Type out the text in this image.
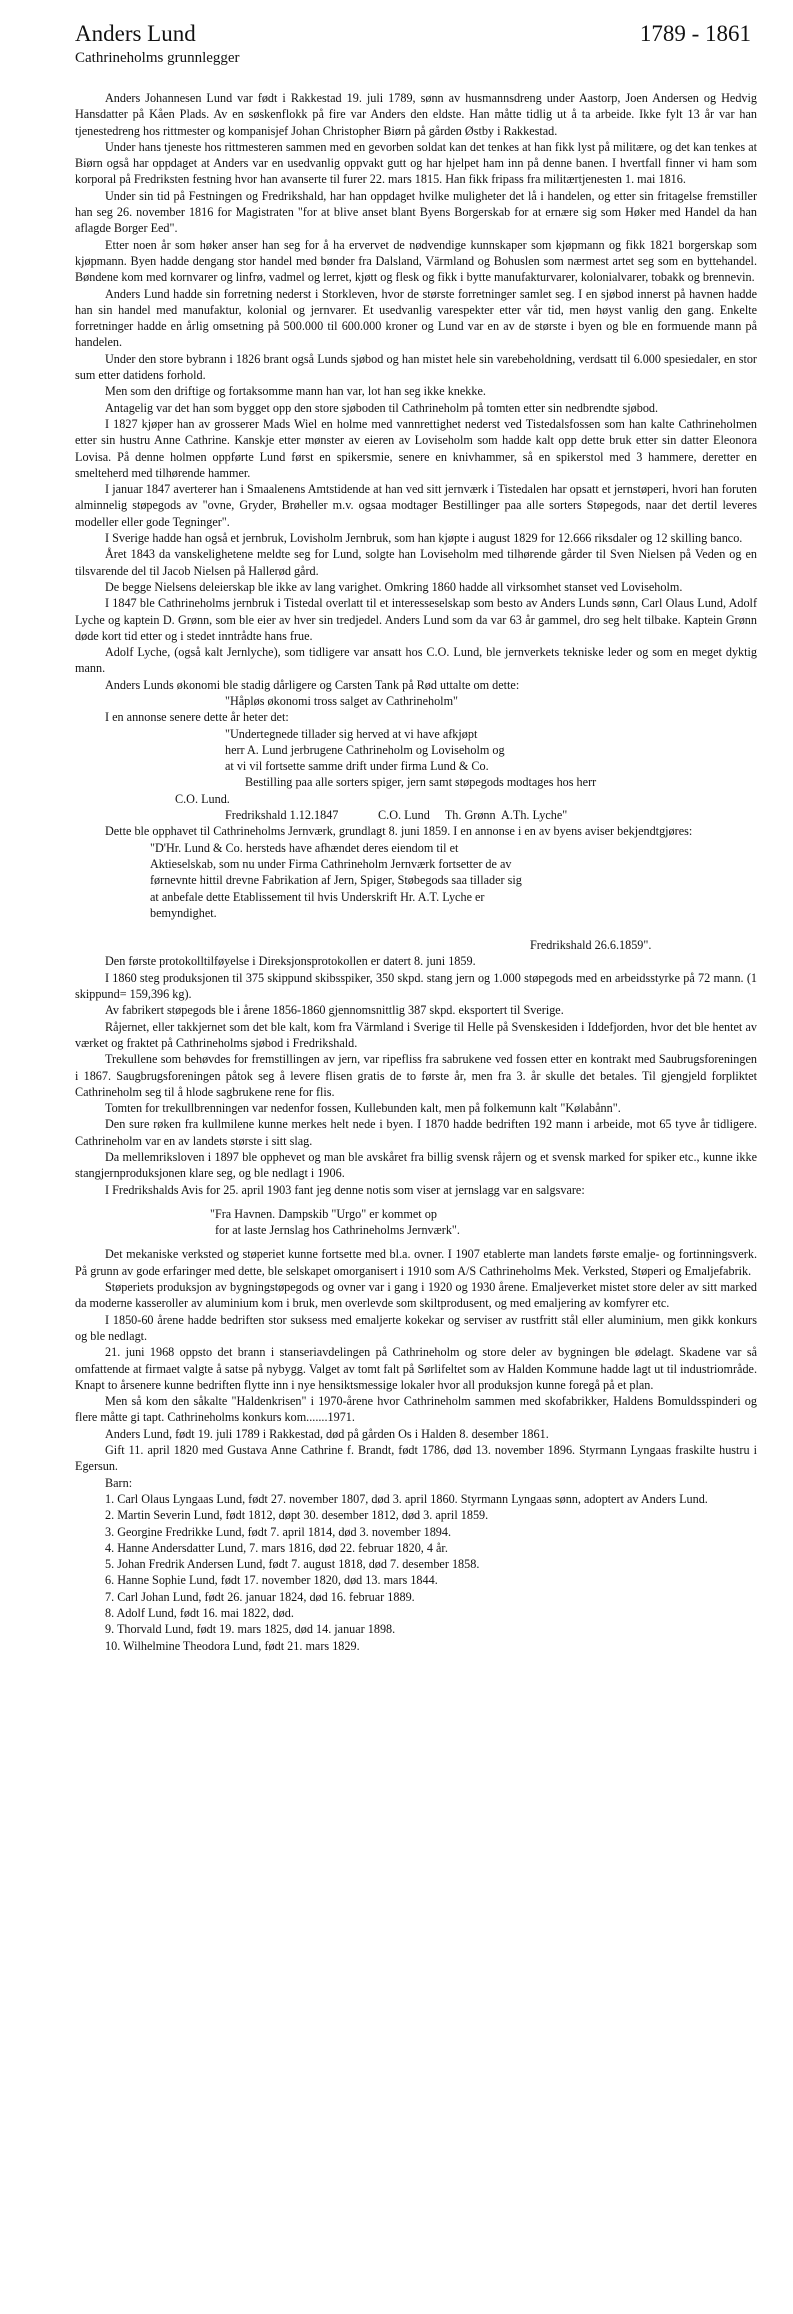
Anders Lund	1789 - 1861
Cathrineholms grunnlegger

Anders Johannesen Lund var født i Rakkestad 19. juli 1789, sønn av husmannsdreng under Aastorp, Joen Andersen og Hedvig Hansdatter på Kåen Plads. Av en søskenflokk på fire var Anders den eldste. Han måtte tidlig ut å ta arbeide. Ikke fylt 13 år var han tjenestedreng hos rittmester og kompanisjef Johan Christopher Biørn på gården Østby i Rakkestad.

Under hans tjeneste hos rittmesteren sammen med en gevorben soldat kan det tenkes at han fikk lyst på militære, og det kan tenkes at Biørn også har oppdaget at Anders var en usedvanlig oppvakt gutt og har hjelpet ham inn på denne banen. I hvertfall finner vi ham som korporal på Fredriksten festning hvor han avanserte til furer 22. mars 1815. Han fikk fripass fra militærtjenesten 1. mai 1816.

Under sin tid på Festningen og Fredrikshald, har han oppdaget hvilke muligheter det lå i handelen, og etter sin fritagelse fremstiller han seg 26. november 1816 for Magistraten "for at blive anset blant Byens Borgerskab for at ernære sig som Høker med Handel da han aflagde Borger Eed".

Etter noen år som høker anser han seg for å ha ervervet de nødvendige kunnskaper som kjøpmann og fikk 1821 borgerskap som kjøpmann. Byen hadde dengang stor handel med bønder fra Dalsland, Värmland og Bohuslen som nærmest artet seg som en byttehandel. Bøndene kom med kornvarer og linfrø, vadmel og lerret, kjøtt og flesk og fikk i bytte manufakturvarer, kolonialvarer, tobakk og brennevin.

Anders Lund hadde sin forretning nederst i Storkleven, hvor de største forretninger samlet seg. I en sjøbod innerst på havnen hadde han sin handel med manufaktur, kolonial og jernvarer. Et usedvanlig varespekter etter vår tid, men høyst vanlig den gang. Enkelte forretninger hadde en årlig omsetning på 500.000 til 600.000 kroner og Lund var en av de største i byen og ble en formuende mann på handelen.

Under den store bybrann i 1826 brant også Lunds sjøbod og han mistet hele sin varebeholdning, verdsatt til 6.000 spesiedaler, en stor sum etter datidens forhold.

Men som den driftige og fortaksomme mann han var, lot han seg ikke knekke.

Antagelig var det han som bygget opp den store sjøboden til Cathrineholm på tomten etter sin nedbrendte sjøbod.

I 1827 kjøper han av grosserer Mads Wiel en holme med vannrettighet nederst ved Tistedalsfossen som han kalte Cathrineholmen etter sin hustru Anne Cathrine. Kanskje etter mønster av eieren av Loviseholm som hadde kalt opp dette bruk etter sin datter Eleonora Lovisa. På denne holmen oppførte Lund først en spikersmie, senere en knivhammer, så en spikerstol med 3 hammere, deretter en smelteherd med tilhørende hammer.

I januar 1847 averterer han i Smaalenens Amtstidende at han ved sitt jernværk i Tistedalen har opsatt et jernstøperi, hvori han foruten alminnelig støpegods av "ovne, Gryder, Brøheller m.v. ogsaa modtager Bestillinger paa alle sorters Støpegods, naar det dertil leveres modeller eller gode Tegninger".

I Sverige hadde han også et jernbruk, Lovisholm Jernbruk, som han kjøpte i august 1829 for 12.666 riksdaler og 12 skilling banco.

Året 1843 da vanskelighetene meldte seg for Lund, solgte han Loviseholm med tilhørende gårder til Sven Nielsen på Veden og en tilsvarende del til Jacob Nielsen på Hallerød gård.

De begge Nielsens deleierskap ble ikke av lang varighet. Omkring 1860 hadde all virksomhet stanset ved Loviseholm.

I 1847 ble Cathrineholms jernbruk i Tistedal overlatt til et interesseselskap som besto av Anders Lunds sønn, Carl Olaus Lund, Adolf Lyche og kaptein D. Grønn, som ble eier av hver sin tredjedel. Anders Lund som da var 63 år gammel, dro seg helt tilbake. Kaptein Grønn døde kort tid etter og i stedet inntrådte hans frue.

Adolf Lyche, (også kalt Jernlyche), som tidligere var ansatt hos C.O. Lund, ble jernverkets tekniske leder og som en meget dyktig mann.

Anders Lunds økonomi ble stadig dårligere og Carsten Tank på Rød uttalte om dette:

"Håpløs økonomi tross salget av Cathrineholm"

I en annonse senere dette år heter det:

"Undertegnede tillader sig herved at vi have afkjøpt

herr A. Lund jerbrugene Cathrineholm og Loviseholm og

at vi vil fortsette samme drift under firma Lund & Co.

Bestilling paa alle sorters spiger, jern samt støpegods modtages hos herr

C.O. Lund.

Fredrikshald 1.12.1847	C.O. Lund Th. Grønn A.Th. Lyche"

Dette ble opphavet til Cathrineholms Jernværk, grundlagt 8. juni 1859. I en annonse i en av byens aviser bekjendtgjøres:

"D'Hr. Lund & Co. hersteds have afhændet deres eiendom til et

Aktieselskab, som nu under Firma Cathrineholm Jernværk fortsetter de av

førnevnte hittil drevne Fabrikation af Jern, Spiger, Støbegods saa tillader sig

at anbefale dette Etablissement til hvis Underskrift Hr. A.T. Lyche er

bemyndighet.

Fredrikshald 26.6.1859".

Den første protokolltilføyelse i Direksjonsprotokollen er datert 8. juni 1859.

I 1860 steg produksjonen til 375 skippund skibsspiker, 350 skpd. stang jern og 1.000 støpegods med en arbeidsstyrke på 72 mann. (1 skippund= 159,396 kg).

Av fabrikert støpegods ble i årene 1856-1860 gjennomsnittlig 387 skpd. eksportert til Sverige.

Råjernet, eller takkjernet som det ble kalt, kom fra Värmland i Sverige til Helle på Svenskesiden i Iddefjorden, hvor det ble hentet av værket og fraktet på Cathrineholms sjøbod i Fredrikshald.

Trekullene som behøvdes for fremstillingen av jern, var ripefliss fra sabrukene ved fossen etter en kontrakt med Saubrugsforeningen i 1867. Saugbrugsforeningen påtok seg å levere flisen gratis de to første år, men fra 3. år skulle det betales. Til gjengjeld forpliktet Cathrineholm seg til å hlode sagbrukene rene for flis.

Tomten for trekullbrenningen var nedenfor fossen, Kullebunden kalt, men på folkemunn kalt "Kølabånn".

Den sure røken fra kullmilene kunne merkes helt nede i byen. I 1870 hadde bedriften 192 mann i arbeide, mot 65 tyve år tidligere. Cathrineholm var en av landets største i sitt slag.

Da mellemriksloven i 1897 ble opphevet og man ble avskåret fra billig svensk råjern og et svensk marked for spiker etc., kunne ikke stangjernproduksjonen klare seg, og ble nedlagt i 1906.

I Fredrikshalds Avis for 25. april 1903 fant jeg denne notis som viser at jernslagg var en salgsvare:

"Fra Havnen. Dampskib "Urgo" er kommet op

for at laste Jernslag hos Cathrineholms Jernværk".

Det mekaniske verksted og støperiet kunne fortsette med bl.a. ovner. I 1907 etablerte man landets første emalje- og fortinningsverk. På grunn av gode erfaringer med dette, ble selskapet omorganisert i 1910 som A/S Cathrineholms Mek. Verksted, Støperi og Emaljefabrik.

Støperiets produksjon av bygningstøpegods og ovner var i gang i 1920 og 1930 årene. Emaljeverket mistet store deler av sitt marked da moderne kasseroller av aluminium kom i bruk, men overlevde som skiltprodusent, og med emaljering av komfyrer etc.

I 1850-60 årene hadde bedriften stor suksess med emaljerte kokekar og serviser av rustfritt stål eller aluminium, men gikk konkurs og ble nedlagt.

21. juni 1968 oppsto det brann i stanseriavdelingen på Cathrineholm og store deler av bygningen ble ødelagt. Skadene var så omfattende at firmaet valgte å satse på nybygg. Valget av tomt falt på Sørlifeltet som av Halden Kommune hadde lagt ut til industriområde. Knapt to årsenere kunne bedriften flytte inn i nye hensiktsmessige lokaler hvor all produksjon kunne foregå på et plan.

Men så kom den såkalte "Haldenkrisen" i 1970-årene hvor Cathrineholm sammen med skofabrikker, Haldens Bomuldsspinderi og flere måtte gi tapt. Cathrineholms konkurs kom.......1971.

Anders Lund, født 19. juli 1789 i Rakkestad, død på gården Os i Halden 8. desember 1861.

Gift 11. april 1820 med Gustava Anne Cathrine f. Brandt, født 1786, død 13. november 1896. Styrmann Lyngaas fraskilte hustru i Egersun.

Barn:

1. Carl Olaus Lyngaas Lund, født 27. november 1807, død 3. april 1860. Styrmann Lyngaas sønn, adoptert av Anders Lund.
2. Martin Severin Lund, født 1812, døpt 30. desember 1812, død 3. april 1859.
3. Georgine Fredrikke Lund, født 7. april 1814, død 3. november 1894.
4. Hanne Andersdatter Lund, 7. mars 1816, død 22. februar 1820, 4 år.
5. Johan Fredrik Andersen Lund, født 7. august 1818, død 7. desember 1858.
6. Hanne Sophie Lund, født 17. november 1820, død 13. mars 1844.
7. Carl Johan Lund, født 26. januar 1824, død 16. februar 1889.
8. Adolf Lund, født 16. mai 1822, død.
9. Thorvald Lund, født 19. mars 1825, død 14. januar 1898.
10. Wilhelmine Theodora Lund, født 21. mars 1829.
